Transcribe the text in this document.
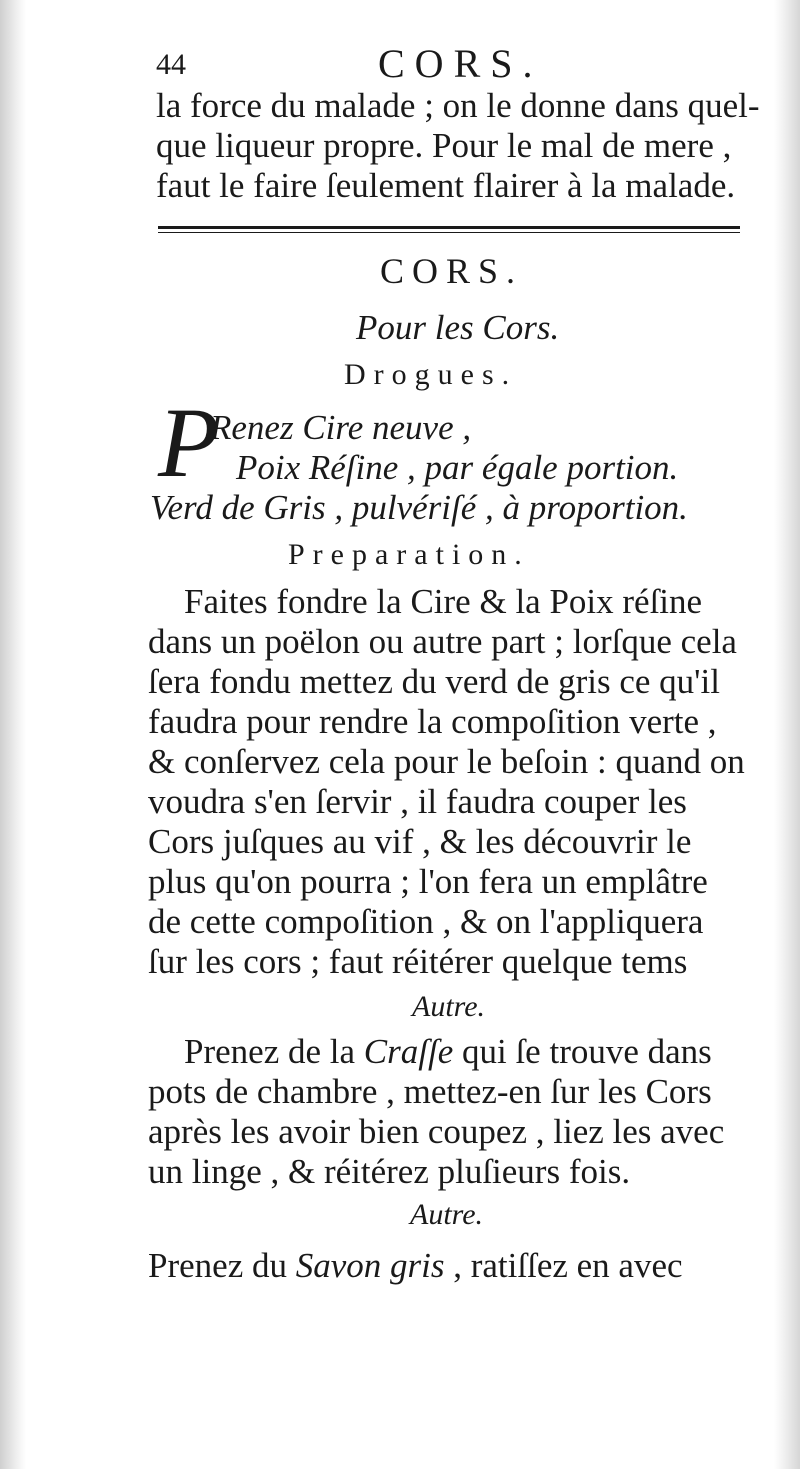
44	CORS.
la force du malade ; on le donne dans quel-
que liqueur propre. Pour le mal de mere ,
faut le faire ſeulement flairer à la malade.
CORS.
Pour les Cors.
Drogues.
P
Renez Cire neuve ,
Poix Réſine , par égale portion.
Verd de Gris , pulvériſé , à proportion.
Preparation.
Faites fondre la Cire & la Poix réſine
dans un poëlon ou autre part ; lorſque cela
ſera fondu mettez du verd de gris ce qu'il
faudra pour rendre la compoſition verte ,
& conſervez cela pour le beſoin : quand on
voudra s'en ſervir , il faudra couper les
Cors juſques au vif , & les découvrir le
plus qu'on pourra ; l'on fera un emplâtre
de cette compoſition , & on l'appliquera
ſur les cors ; faut réitérer quelque tems
Autre.
Prenez de la Craſſe qui ſe trouve dans
pots de chambre , mettez-en ſur les Cors
après les avoir bien coupez , liez les avec
un linge , & réitérez pluſieurs fois.
Autre.
Prenez du Savon gris , ratiſſez en avec
